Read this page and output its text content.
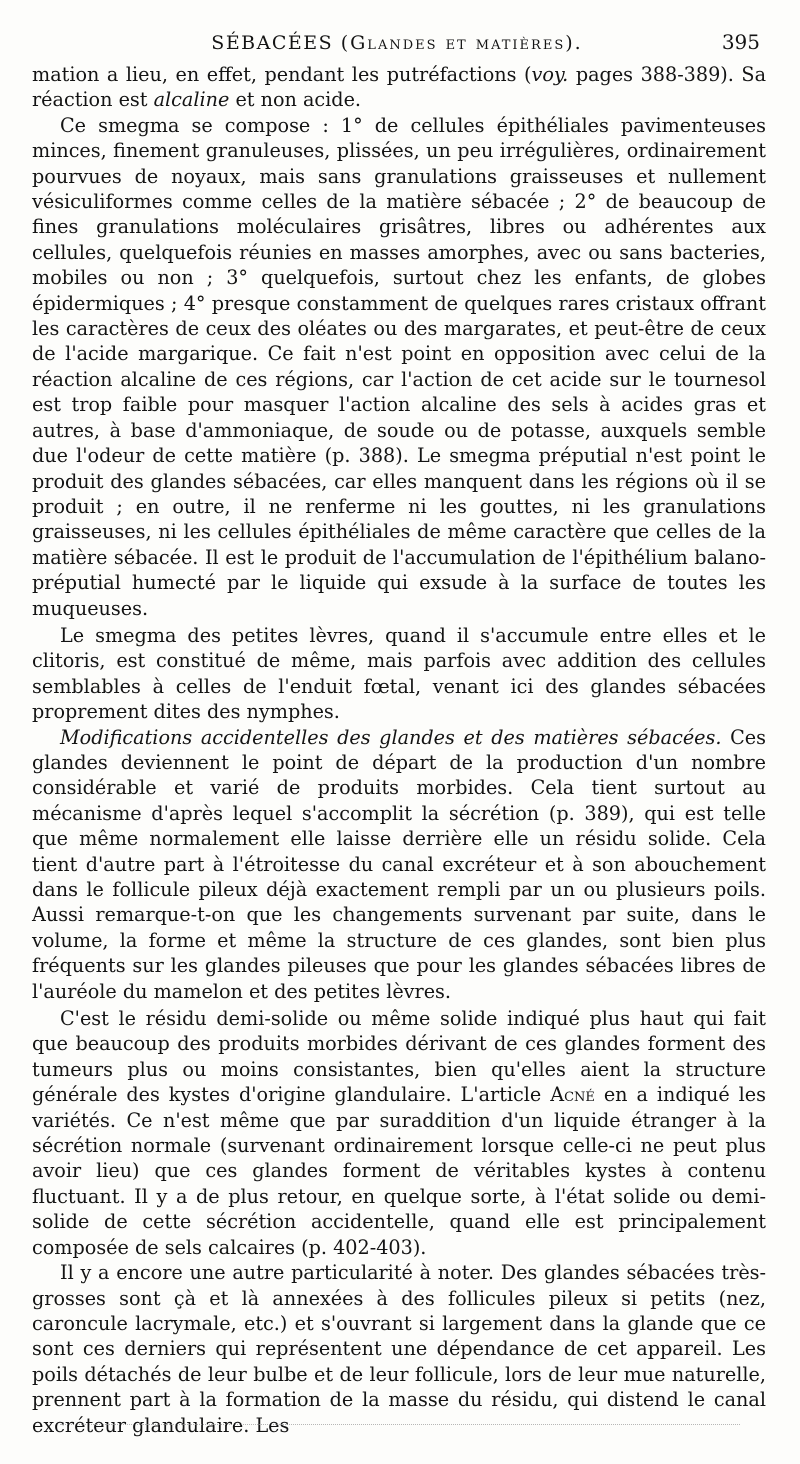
SÉBACÉES (Glandes et matières).	395

mation a lieu, en effet, pendant les putréfactions (voy. pages 388-389). Sa réaction est alcaline et non acide.

Ce smegma se compose : 1° de cellules épithéliales pavimenteuses minces, finement granuleuses, plissées, un peu irrégulières, ordinairement pourvues de noyaux, mais sans granulations graisseuses et nullement vésiculiformes comme celles de la matière sébacée ; 2° de beaucoup de fines granulations moléculaires grisâtres, libres ou adhérentes aux cellules, quelquefois réunies en masses amorphes, avec ou sans bacteries, mobiles ou non ; 3° quelquefois, surtout chez les enfants, de globes épidermiques ; 4° presque constamment de quelques rares cristaux offrant les caractères de ceux des oléates ou des margarates, et peut-être de ceux de l'acide margarique. Ce fait n'est point en opposition avec celui de la réaction alcaline de ces régions, car l'action de cet acide sur le tournesol est trop faible pour masquer l'action alcaline des sels à acides gras et autres, à base d'ammoniaque, de soude ou de potasse, auxquels semble due l'odeur de cette matière (p. 388). Le smegma préputial n'est point le produit des glandes sébacées, car elles manquent dans les régions où il se produit ; en outre, il ne renferme ni les gouttes, ni les granulations graisseuses, ni les cellules épithéliales de même caractère que celles de la matière sébacée. Il est le produit de l'accumulation de l'épithélium balano-préputial humecté par le liquide qui exsude à la surface de toutes les muqueuses.

Le smegma des petites lèvres, quand il s'accumule entre elles et le clitoris, est constitué de même, mais parfois avec addition des cellules semblables à celles de l'enduit fœtal, venant ici des glandes sébacées proprement dites des nymphes.

Modifications accidentelles des glandes et des matières sébacées. Ces glandes deviennent le point de départ de la production d'un nombre considérable et varié de produits morbides. Cela tient surtout au mécanisme d'après lequel s'accomplit la sécrétion (p. 389), qui est telle que même normalement elle laisse derrière elle un résidu solide. Cela tient d'autre part à l'étroitesse du canal excréteur et à son abouchement dans le follicule pileux déjà exactement rempli par un ou plusieurs poils. Aussi remarque-t-on que les changements survenant par suite, dans le volume, la forme et même la structure de ces glandes, sont bien plus fréquents sur les glandes pileuses que pour les glandes sébacées libres de l'auréole du mamelon et des petites lèvres.

C'est le résidu demi-solide ou même solide indiqué plus haut qui fait que beaucoup des produits morbides dérivant de ces glandes forment des tumeurs plus ou moins consistantes, bien qu'elles aient la structure générale des kystes d'origine glandulaire. L'article Acné en a indiqué les variétés. Ce n'est même que par suraddition d'un liquide étranger à la sécrétion normale (survenant ordinairement lorsque celle-ci ne peut plus avoir lieu) que ces glandes forment de véritables kystes à contenu fluctuant. Il y a de plus retour, en quelque sorte, à l'état solide ou demi-solide de cette sécrétion accidentelle, quand elle est principalement composée de sels calcaires (p. 402-403).

Il y a encore une autre particularité à noter. Des glandes sébacées très-grosses sont çà et là annexées à des follicules pileux si petits (nez, caroncule lacrymale, etc.) et s'ouvrant si largement dans la glande que ce sont ces derniers qui représentent une dépendance de cet appareil. Les poils détachés de leur bulbe et de leur follicule, lors de leur mue naturelle, prennent part à la formation de la masse du résidu, qui distend le canal excréteur glandulaire. Les
